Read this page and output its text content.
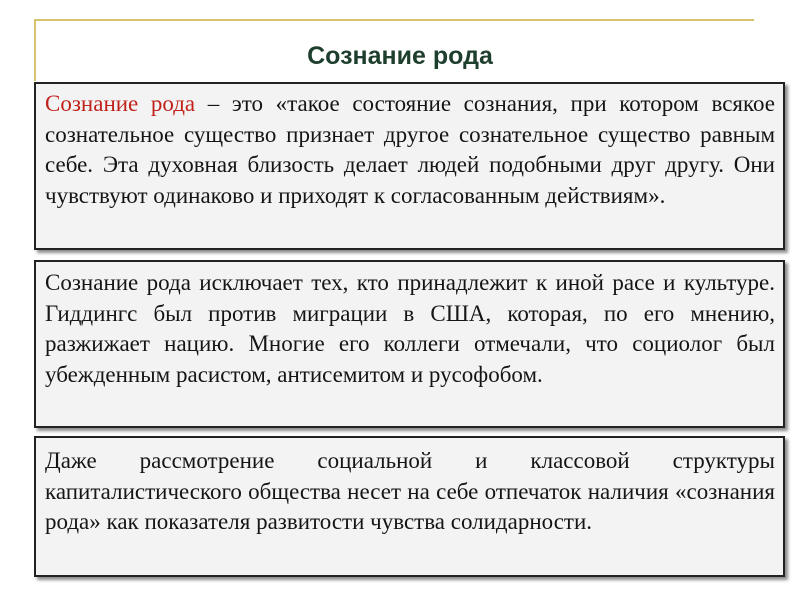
Сознание рода

Сознание рода – это «такое состояние сознания, при котором всякое сознательное существо признает другое сознательное существо равным себе. Эта духовная близость делает людей подобными друг другу. Они чувствуют одинаково и приходят к согласованным действиям».

Сознание рода исключает тех, кто принадлежит к иной расе и культуре. Гиддингс был против миграции в США, которая, по его мнению, разжижает нацию. Многие его коллеги отмечали, что социолог был убежденным расистом, антисемитом и русофобом.

Даже рассмотрение социальной и классовой структуры капиталистического общества несет на себе отпечаток наличия «сознания рода» как показателя развитости чувства солидарности.
